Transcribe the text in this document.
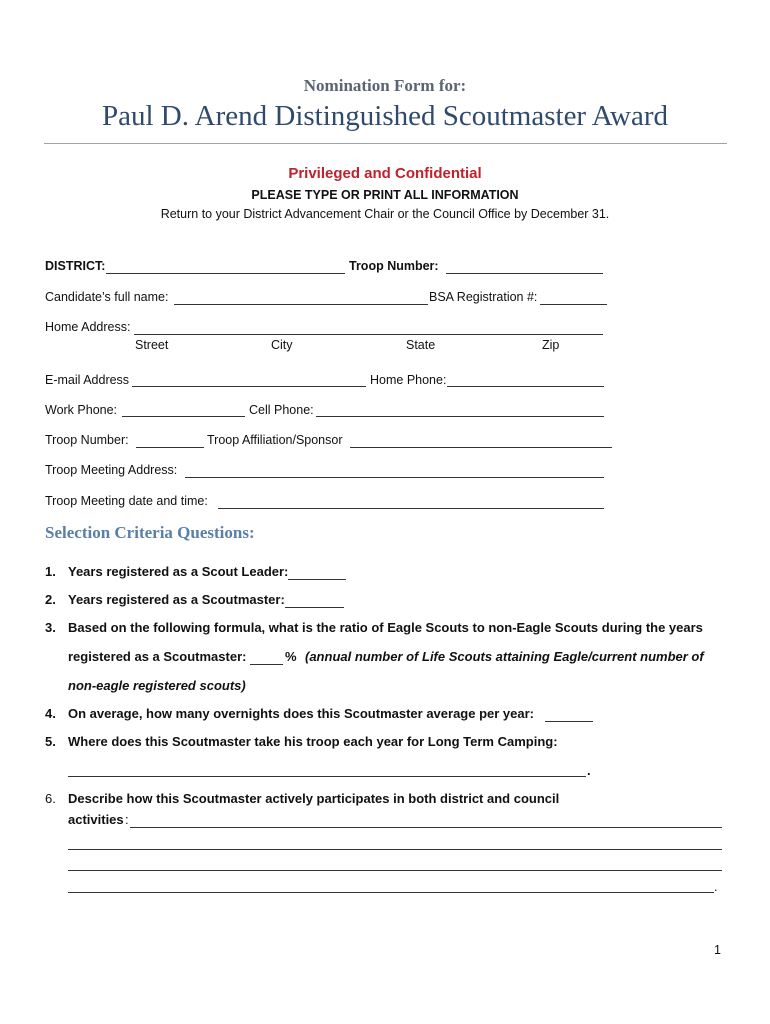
Nomination Form for:
Paul D. Arend Distinguished Scoutmaster Award
Privileged and Confidential
PLEASE TYPE OR PRINT ALL INFORMATION
Return to your District Advancement Chair or the Council Office by December 31.
DISTRICT:	Troop Number:
Candidate’s full name:	BSA Registration #:
Home Address:
Street	City	State	Zip
E-mail Address	Home Phone:
Work Phone:	Cell Phone:
Troop Number:	Troop Affiliation/Sponsor
Troop Meeting Address:
Troop Meeting date and time:
Selection Criteria Questions:
1. Years registered as a Scout Leader:
2. Years registered as a Scoutmaster:
3. Based on the following formula, what is the ratio of Eagle Scouts to non-Eagle Scouts during the years
registered as a Scoutmaster:	% (annual number of Life Scouts attaining Eagle/current number of
non-eagle registered scouts)
4. On average, how many overnights does this Scoutmaster average per year:
5. Where does this Scoutmaster take his troop each year for Long Term Camping:
.
6. Describe how this Scoutmaster actively participates in both district and council
activities :
.
1
